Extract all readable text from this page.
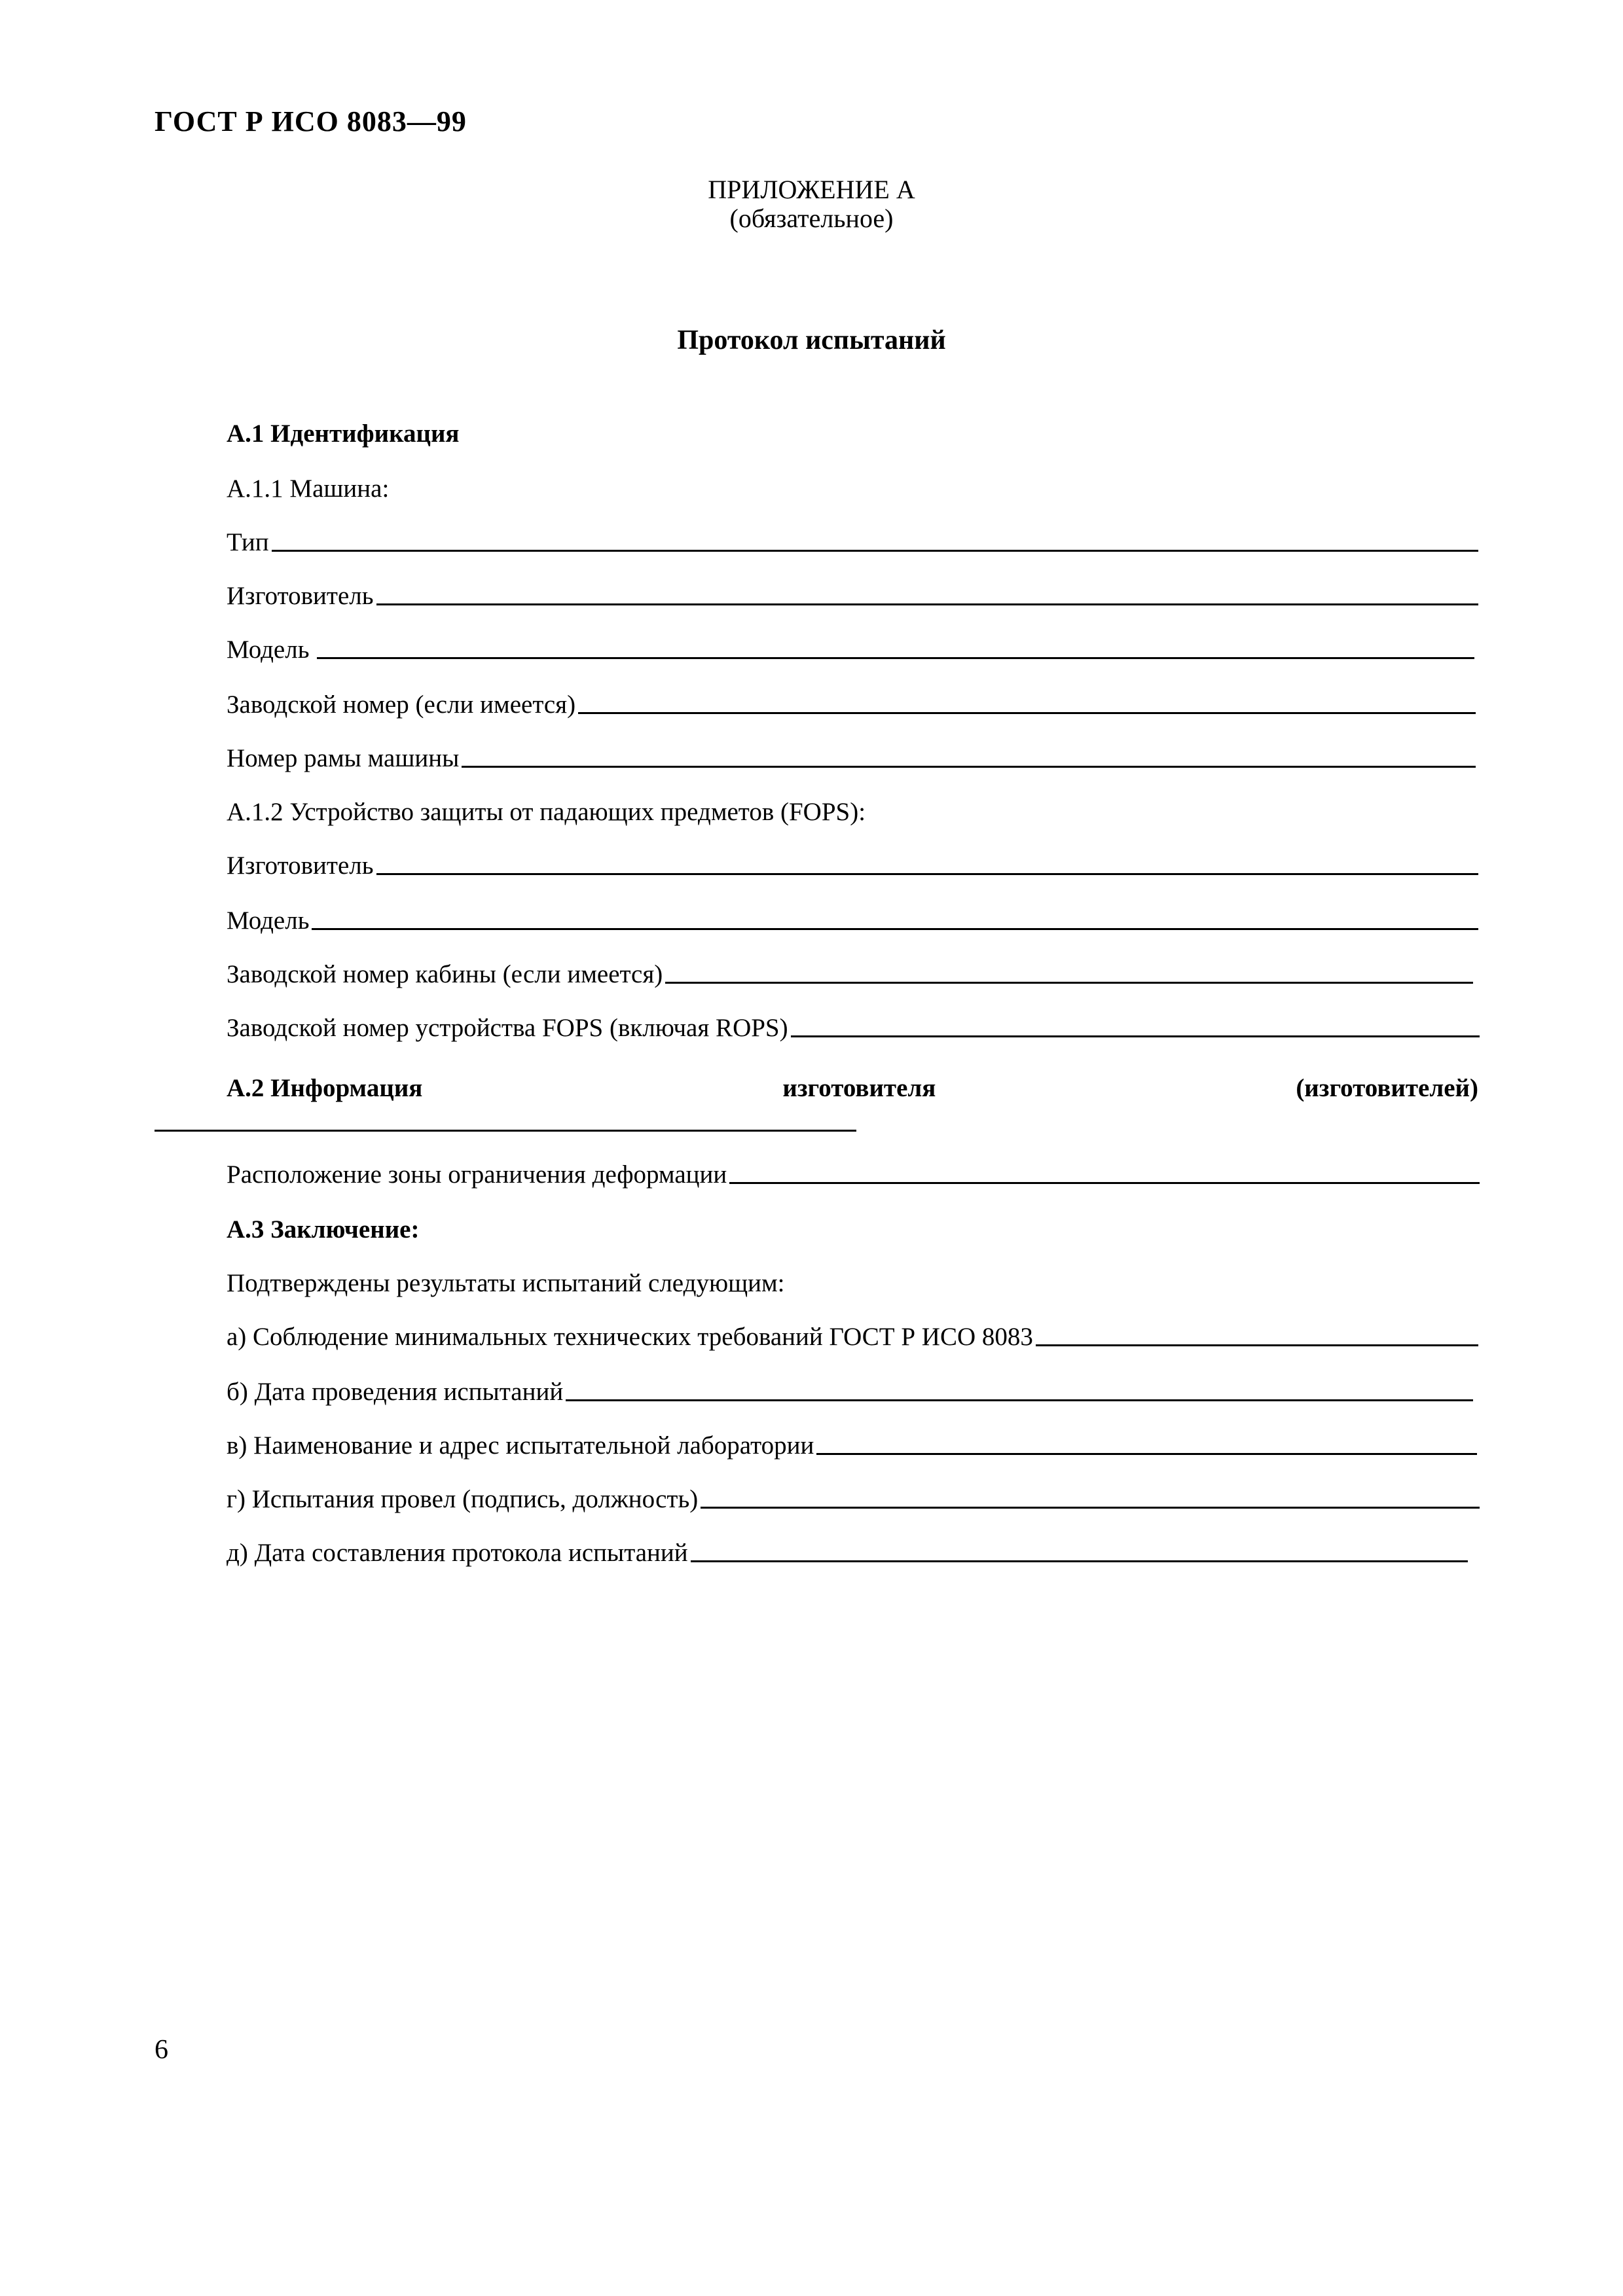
ГОСТ Р ИСО 8083—99
ПРИЛОЖЕНИЕ А
(обязательное)
Протокол испытаний
А.1 Идентификация
А.1.1 Машина:
Тип
Изготовитель
Модель
Заводской номер (если имеется)
Номер рамы машины
А.1.2 Устройство защиты от падающих предметов (FOPS):
Изготовитель
Модель
Заводской номер кабины (если имеется)
Заводской номер устройства FOPS (включая ROPS)
А.2 Информация	изготовителя	(изготовителей)
Расположение зоны ограничения деформации
А.3 Заключение:
Подтверждены результаты испытаний следующим:
а) Соблюдение минимальных технических требований ГОСТ Р ИСО 8083
б) Дата проведения испытаний
в) Наименование и адрес испытательной лаборатории
г) Испытания провел (подпись, должность)
д) Дата составления протокола испытаний
6
